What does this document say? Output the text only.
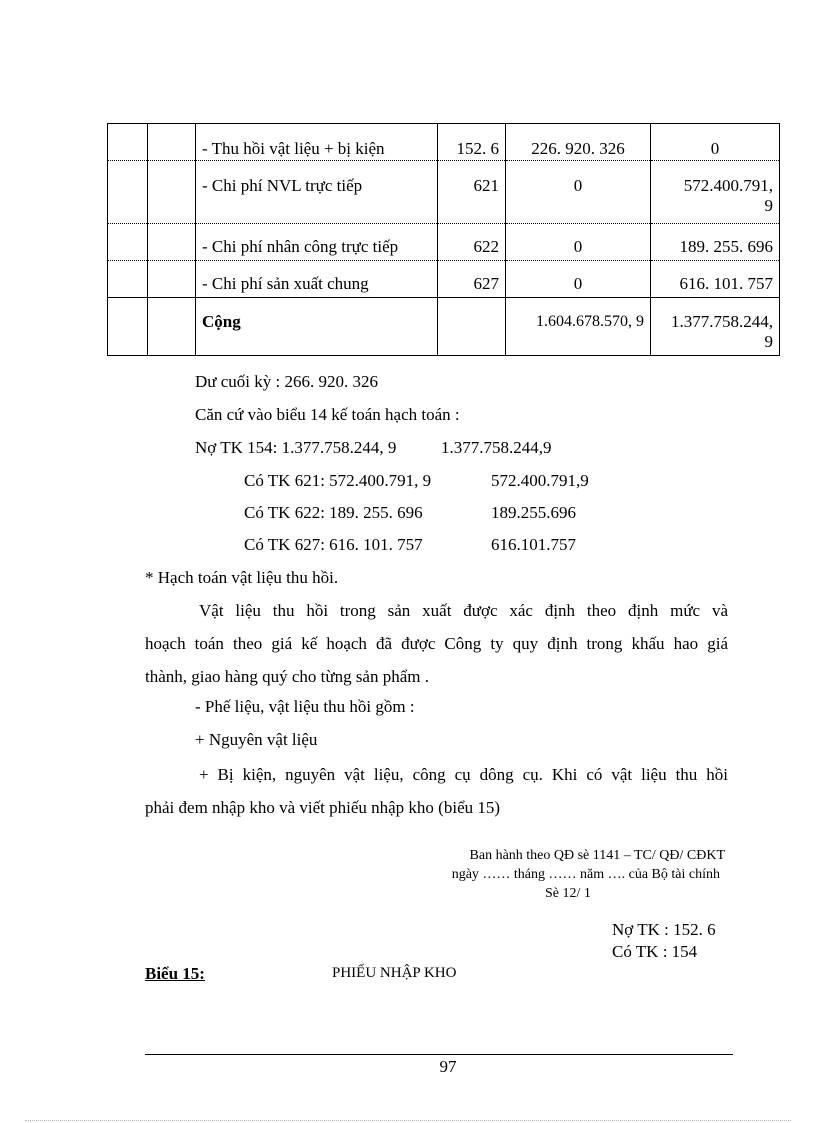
		- Thu hồi vật liệu + bị kiện	152. 6	226. 920. 326	0
		- Chi phí NVL trực tiếp	621	0	572.400.791,
9

		- Chi phí nhân công trực tiếp	622	0	189. 255. 696
		- Chi phí sản xuất chung	627	0	616. 101. 757
		Cộng		1.604.678.570, 9	1.377.758.244,
9
Dư cuối kỳ : 266. 920. 326
Căn cứ vào biểu 14 kế toán hạch toán :
Nợ TK 154: 1.377.758.244, 9	1.377.758.244,9
Có TK 621: 572.400.791, 9	572.400.791,9
Có TK 622: 189. 255. 696	189.255.696
Có TK 627: 616. 101. 757	616.101.757
* Hạch toán vật liệu thu hồi.
Vật liệu thu hồi trong sản xuất được xác định theo định mức và
hoạch toán theo giá kế hoạch đã được Công ty quy định trong khấu hao giá
thành, giao hàng quý cho từng sản phẩm .
- Phế liệu, vật liệu thu hồi gồm :
+ Nguyên vật liệu
+ Bị kiện, nguyên vật liệu, công cụ dông cụ. Khi có vật liệu thu hồi
phải đem nhập kho và viết phiếu nhập kho (biểu 15)
Ban hành theo QĐ sè 1141 – TC/ QĐ/ CĐKT
ngày …… tháng …… năm …. của Bộ tài chính
Sè 12/ 1
Nợ TK : 152. 6
Có TK : 154
Biểu 15:	PHIẾU NHẬP KHO
97
